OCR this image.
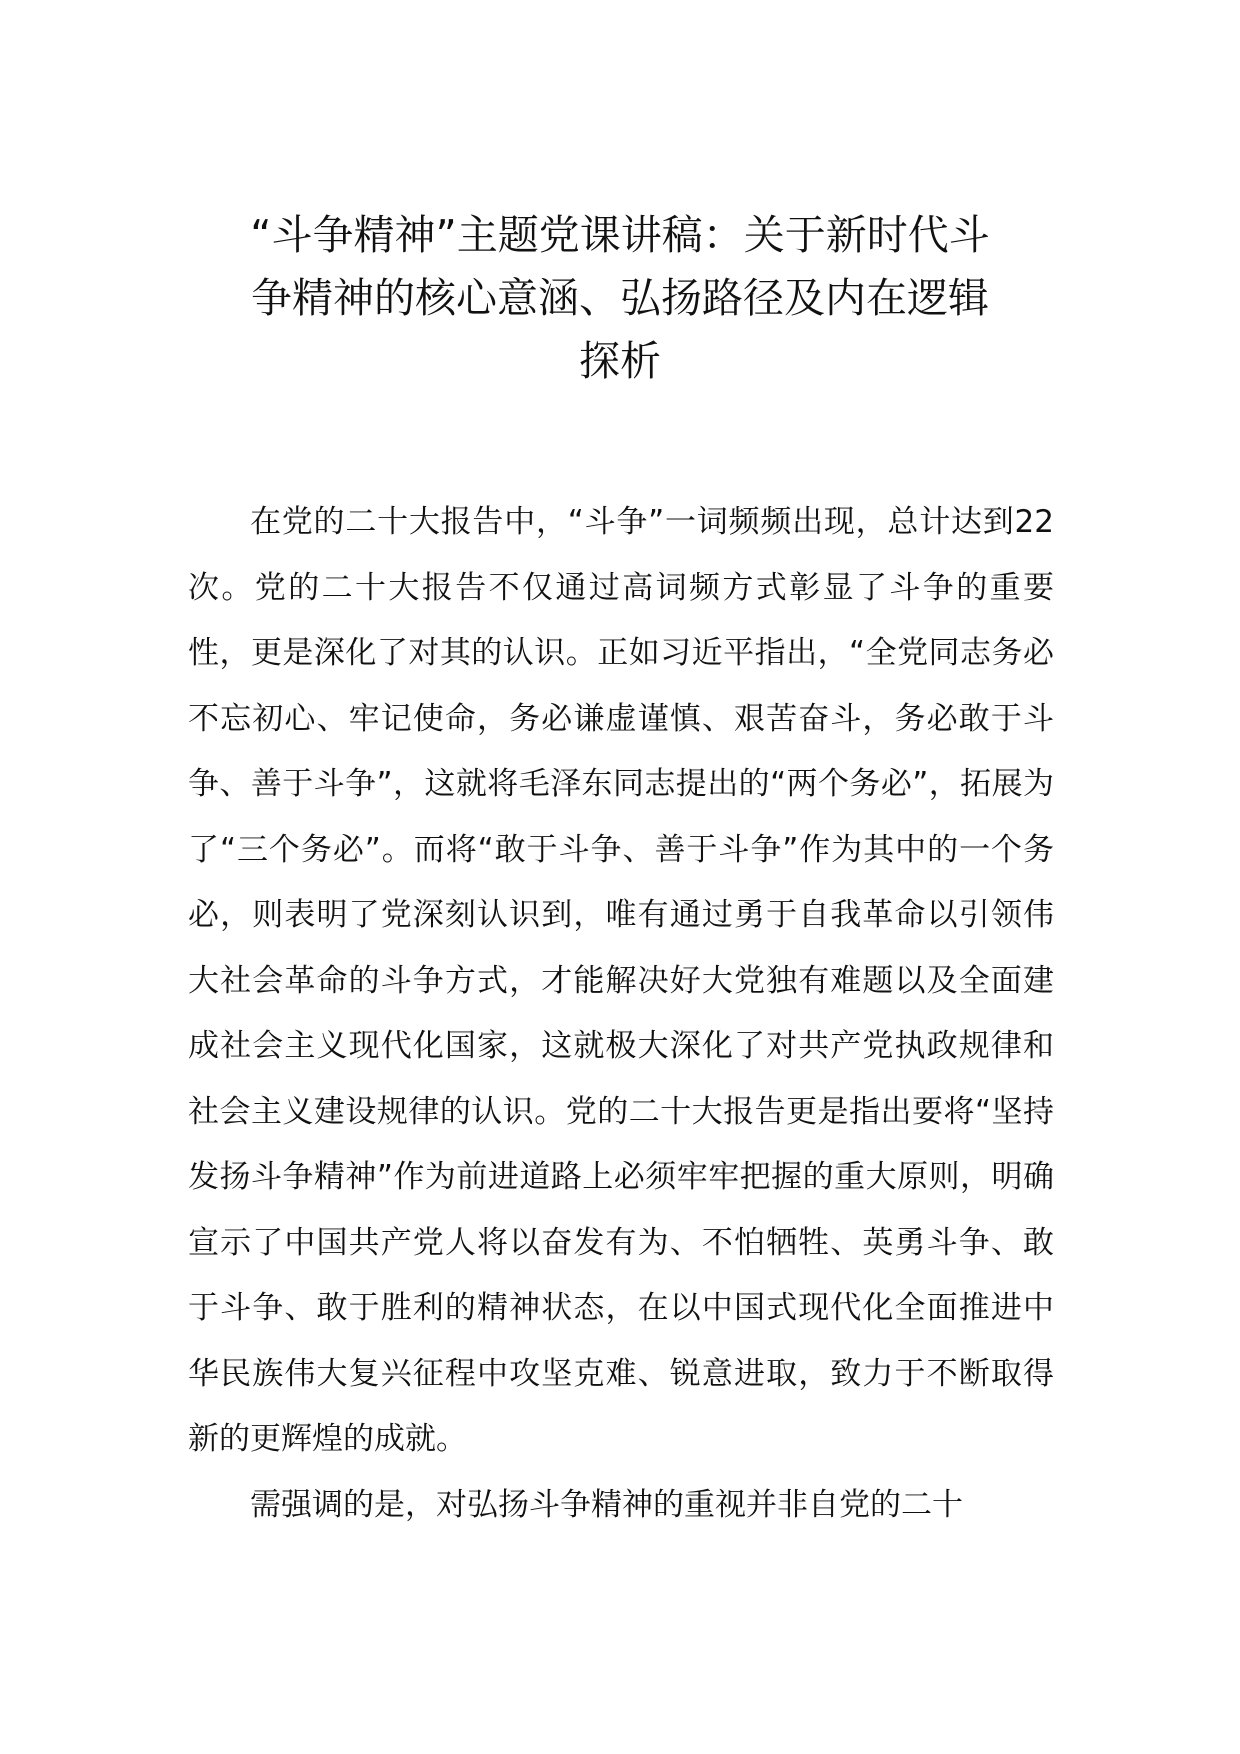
“斗争精神”主题党课讲稿：关于新时代斗
争精神的核心意涵、弘扬路径及内在逻辑
探析

在党的二十大报告中，“斗争”一词频频出现，总计达到22次。党的二十大报告不仅通过高词频方式彰显了斗争的重要性，更是深化了对其的认识。正如习近平指出，“全党同志务必不忘初心、牢记使命，务必谦虚谨慎、艰苦奋斗，务必敢于斗争、善于斗争”，这就将毛泽东同志提出的“两个务必”，拓展为了“三个务必”。而将“敢于斗争、善于斗争”作为其中的一个务必，则表明了党深刻认识到，唯有通过勇于自我革命以引领伟大社会革命的斗争方式，才能解决好大党独有难题以及全面建成社会主义现代化国家，这就极大深化了对共产党执政规律和社会主义建设规律的认识。党的二十大报告更是指出要将“坚持发扬斗争精神”作为前进道路上必须牢牢把握的重大原则，明确宣示了中国共产党人将以奋发有为、不怕牺牲、英勇斗争、敢于斗争、敢于胜利的精神状态，在以中国式现代化全面推进中华民族伟大复兴征程中攻坚克难、锐意进取，致力于不断取得新的更辉煌的成就。

需强调的是，对弘扬斗争精神的重视并非自党的二十
